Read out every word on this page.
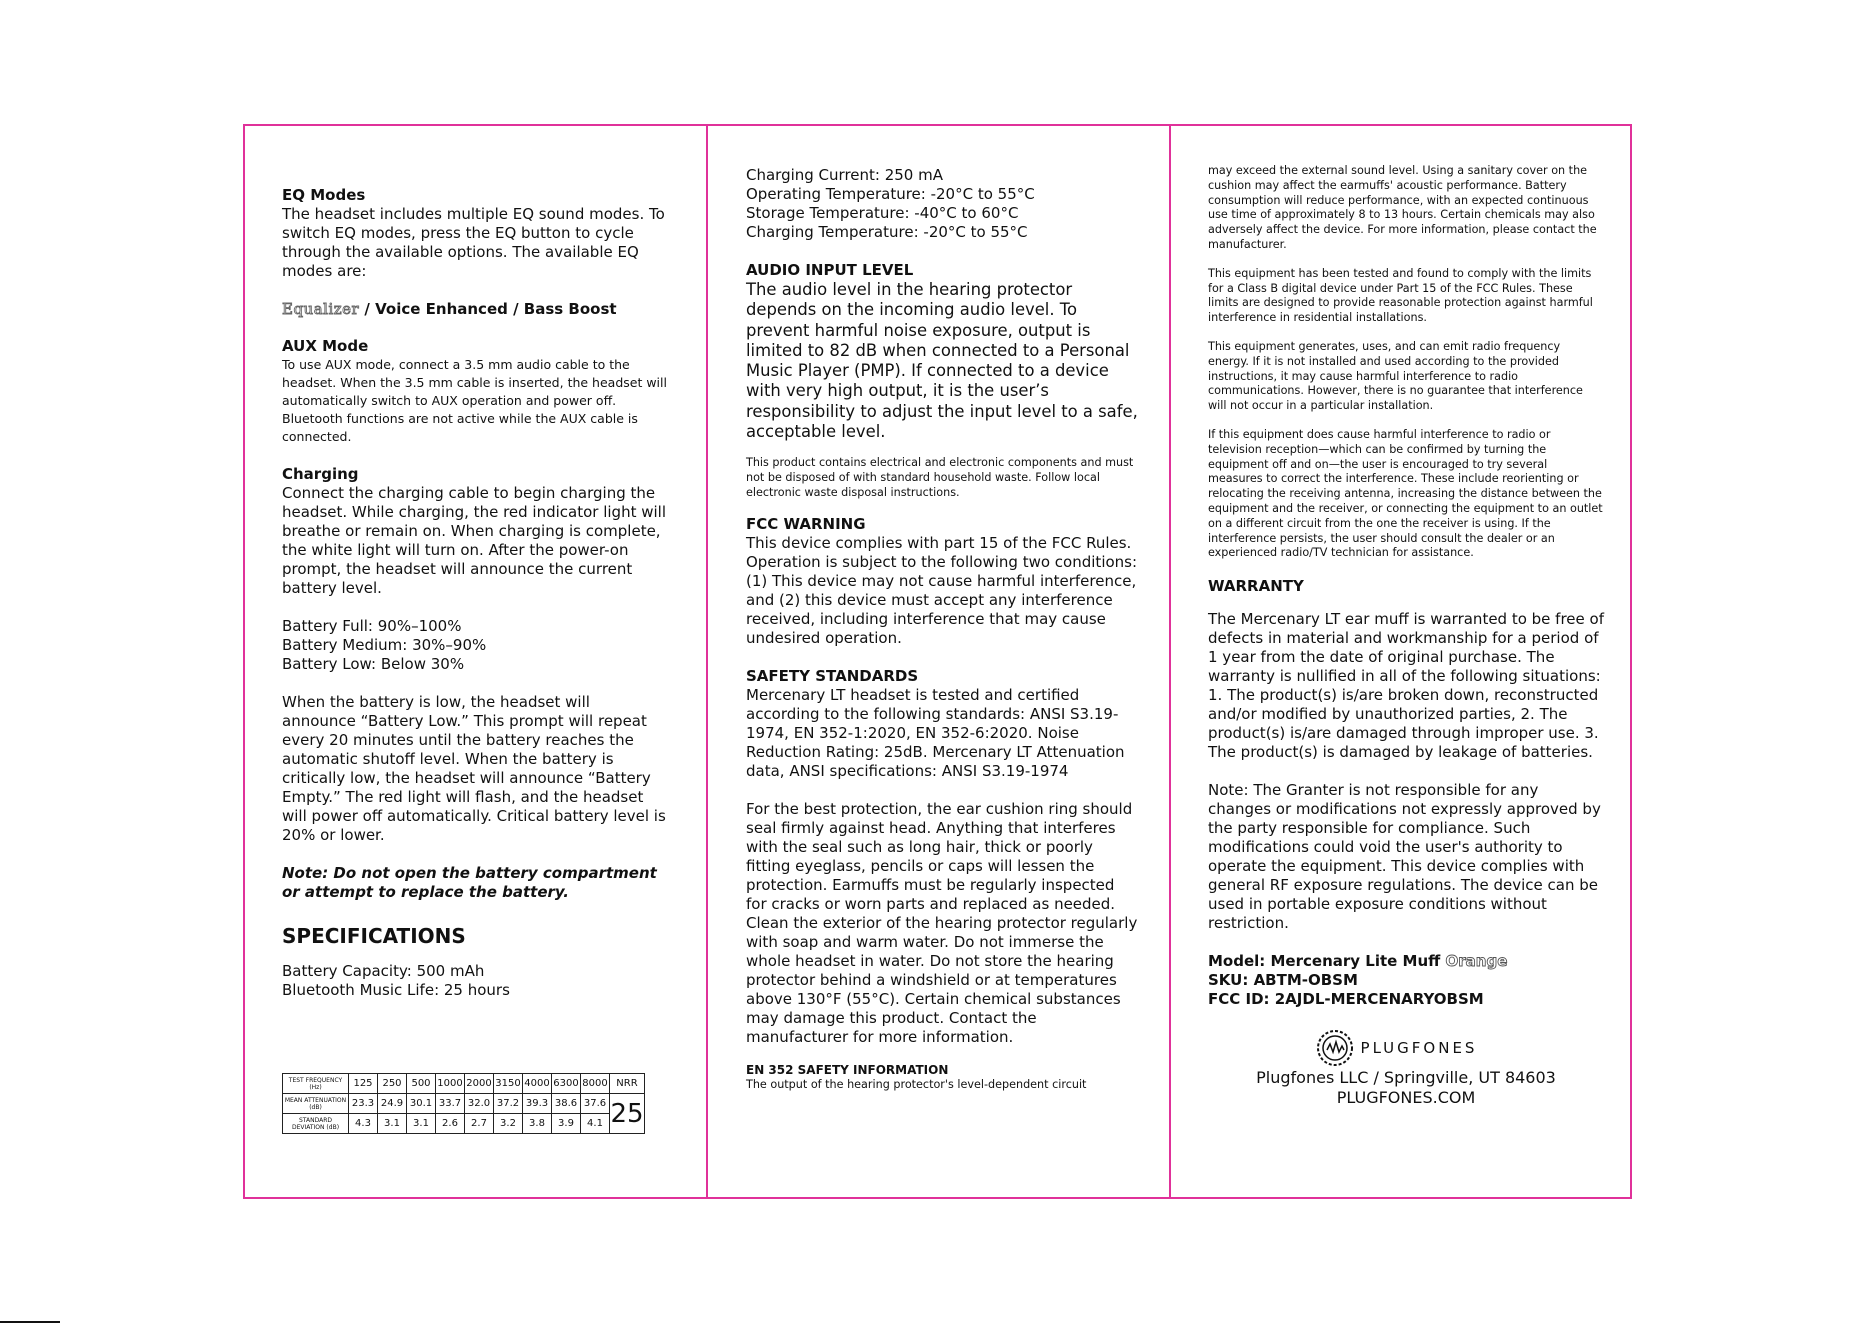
EQ Modes

The headset includes multiple EQ sound modes. To switch EQ modes, press the EQ button to cycle through the available options. The available EQ modes are:

Equalizer / Voice Enhanced / Bass Boost

AUX Mode

To use AUX mode, connect a 3.5 mm audio cable to the headset. When the 3.5 mm cable is inserted, the headset will automatically switch to AUX operation and power off. Bluetooth functions are not active while the AUX cable is connected.

Charging

Connect the charging cable to begin charging the headset. While charging, the red indicator light will breathe or remain on. When charging is complete, the white light will turn on. After the power-on prompt, the headset will announce the current battery level.

Battery Full: 90%–100%

Battery Medium: 30%–90%

Battery Low: Below 30%

When the battery is low, the headset will announce “Battery Low.” This prompt will repeat every 20 minutes until the battery reaches the automatic shutoff level. When the battery is critically low, the headset will announce “Battery Empty.” The red light will flash, and the headset will power off automatically. Critical battery level is 20% or lower.

Note: Do not open the battery compartment or attempt to replace the battery.

SPECIFICATIONS

Battery Capacity: 500 mAh

Bluetooth Music Life: 25 hours

TEST FREQUENCY (Hz)	125	250	500	1000	2000	3150	4000	6300	8000	NRR
MEAN ATTENUATION (dB)	23.3	24.9	30.1	33.7	32.0	37.2	39.3	38.6	37.6	25
STANDARD DEVIATION (dB)	4.3	3.1	3.1	2.6	2.7	3.2	3.8	3.9	4.1	

Charging Current: 250 mA

Operating Temperature: -20°C to 55°C

Storage Temperature: -40°C to 60°C

Charging Temperature: -20°C to 55°C

AUDIO INPUT LEVEL

The audio level in the hearing protector depends on the incoming audio level. To prevent harmful noise exposure, output is limited to 82 dB when connected to a Personal Music Player (PMP). If connected to a device with very high output, it is the user’s responsibility to adjust the input level to a safe, acceptable level.

This product contains electrical and electronic components and must not be disposed of with standard household waste. Follow local electronic waste disposal instructions.

FCC WARNING

This device complies with part 15 of the FCC Rules. Operation is subject to the following two conditions: (1) This device may not cause harmful interference, and (2) this device must accept any interference received, including interference that may cause undesired operation.

SAFETY STANDARDS

Mercenary LT headset is tested and certified according to the following standards: ANSI S3.19-1974, EN 352-1:2020, EN 352-6:2020. Noise Reduction Rating: 25dB. Mercenary LT Attenuation data, ANSI specifications: ANSI S3.19-1974

For the best protection, the ear cushion ring should seal firmly against head. Anything that interferes with the seal such as long hair, thick or poorly fitting eyeglass, pencils or caps will lessen the protection. Earmuffs must be regularly inspected for cracks or worn parts and replaced as needed. Clean the exterior of the hearing protector regularly with soap and warm water. Do not immerse the whole headset in water. Do not store the hearing protector behind a windshield or at temperatures above 130°F (55°C). Certain chemical substances may damage this product. Contact the manufacturer for more information.

EN 352 SAFETY INFORMATION

The output of the hearing protector's level-dependent circuit

may exceed the external sound level. Using a sanitary cover on the cushion may affect the earmuffs' acoustic performance. Battery consumption will reduce performance, with an expected continuous use time of approximately 8 to 13 hours. Certain chemicals may also adversely affect the device. For more information, please contact the manufacturer.

This equipment has been tested and found to comply with the limits for a Class B digital device under Part 15 of the FCC Rules. These limits are designed to provide reasonable protection against harmful interference in residential installations.

This equipment generates, uses, and can emit radio frequency energy. If it is not installed and used according to the provided instructions, it may cause harmful interference to radio communications. However, there is no guarantee that interference will not occur in a particular installation.

If this equipment does cause harmful interference to radio or television reception—which can be confirmed by turning the equipment off and on—the user is encouraged to try several measures to correct the interference. These include reorienting or relocating the receiving antenna, increasing the distance between the equipment and the receiver, or connecting the equipment to an outlet on a different circuit from the one the receiver is using. If the interference persists, the user should consult the dealer or an experienced radio/TV technician for assistance.

WARRANTY

The Mercenary LT ear muff is warranted to be free of defects in material and workmanship for a period of 1 year from the date of original purchase. The warranty is nullified in all of the following situations: 1. The product(s) is/are broken down, reconstructed and/or modified by unauthorized parties, 2. The product(s) is/are damaged through improper use. 3. The product(s) is damaged by leakage of batteries.

Note: The Granter is not responsible for any changes or modifications not expressly approved by the party responsible for compliance. Such modifications could void the user's authority to operate the equipment. This device complies with general RF exposure regulations. The device can be used in portable exposure conditions without restriction.

Model: Mercenary Lite Muff Orange

SKU: ABTM-OBSM

FCC ID: 2AJDL-MERCENARYOBSM

PLUGFONES

Plugfones LLC / Springville, UT 84603

PLUGFONES.COM
